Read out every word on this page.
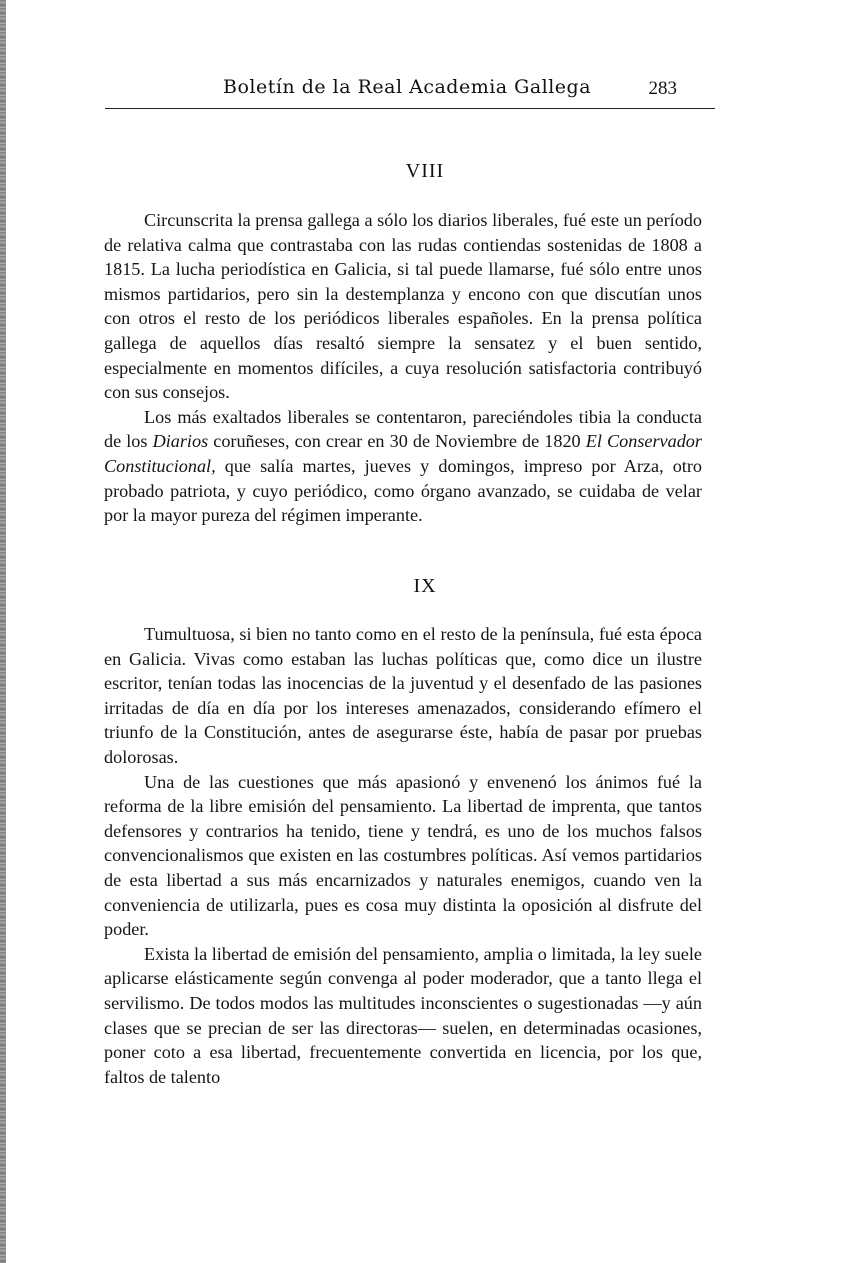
Boletín de la Real Academia Gallega	283
VIII

Circunscrita la prensa gallega a sólo los diarios liberales, fué este un período de relativa calma que contrastaba con las rudas contiendas sostenidas de 1808 a 1815. La lucha periodística en Galicia, si tal puede llamarse, fué sólo entre unos mismos partidarios, pero sin la destemplanza y encono con que discutían unos con otros el resto de los periódicos liberales españoles. En la prensa política gallega de aquellos días resaltó siempre la sensatez y el buen sentido, especialmente en momentos difíciles, a cuya resolución satisfactoria contribuyó con sus consejos.

Los más exaltados liberales se contentaron, pareciéndoles tibia la conducta de los Diarios coruñeses, con crear en 30 de Noviembre de 1820 El Conservador Constitucional, que salía martes, jueves y domingos, impreso por Arza, otro probado patriota, y cuyo periódico, como órgano avanzado, se cuidaba de velar por la mayor pureza del régimen imperante.

IX

Tumultuosa, si bien no tanto como en el resto de la península, fué esta época en Galicia. Vivas como estaban las luchas políticas que, como dice un ilustre escritor, tenían todas las inocencias de la juventud y el desenfado de las pasiones irritadas de día en día por los intereses amenazados, considerando efímero el triunfo de la Constitución, antes de asegurarse éste, había de pasar por pruebas dolorosas.

Una de las cuestiones que más apasionó y envenenó los ánimos fué la reforma de la libre emisión del pensamiento. La libertad de imprenta, que tantos defensores y contrarios ha tenido, tiene y tendrá, es uno de los muchos falsos convencionalismos que existen en las costumbres políticas. Así vemos partidarios de esta libertad a sus más encarnizados y naturales enemigos, cuando ven la conveniencia de utilizarla, pues es cosa muy distinta la oposición al disfrute del poder.

Exista la libertad de emisión del pensamiento, amplia o limitada, la ley suele aplicarse elásticamente según convenga al poder moderador, que a tanto llega el servilismo. De todos modos las multitudes inconscientes o sugestionadas —y aún clases que se precian de ser las directoras— suelen, en determinadas ocasiones, poner coto a esa libertad, frecuentemente convertida en licencia, por los que, faltos de talento
